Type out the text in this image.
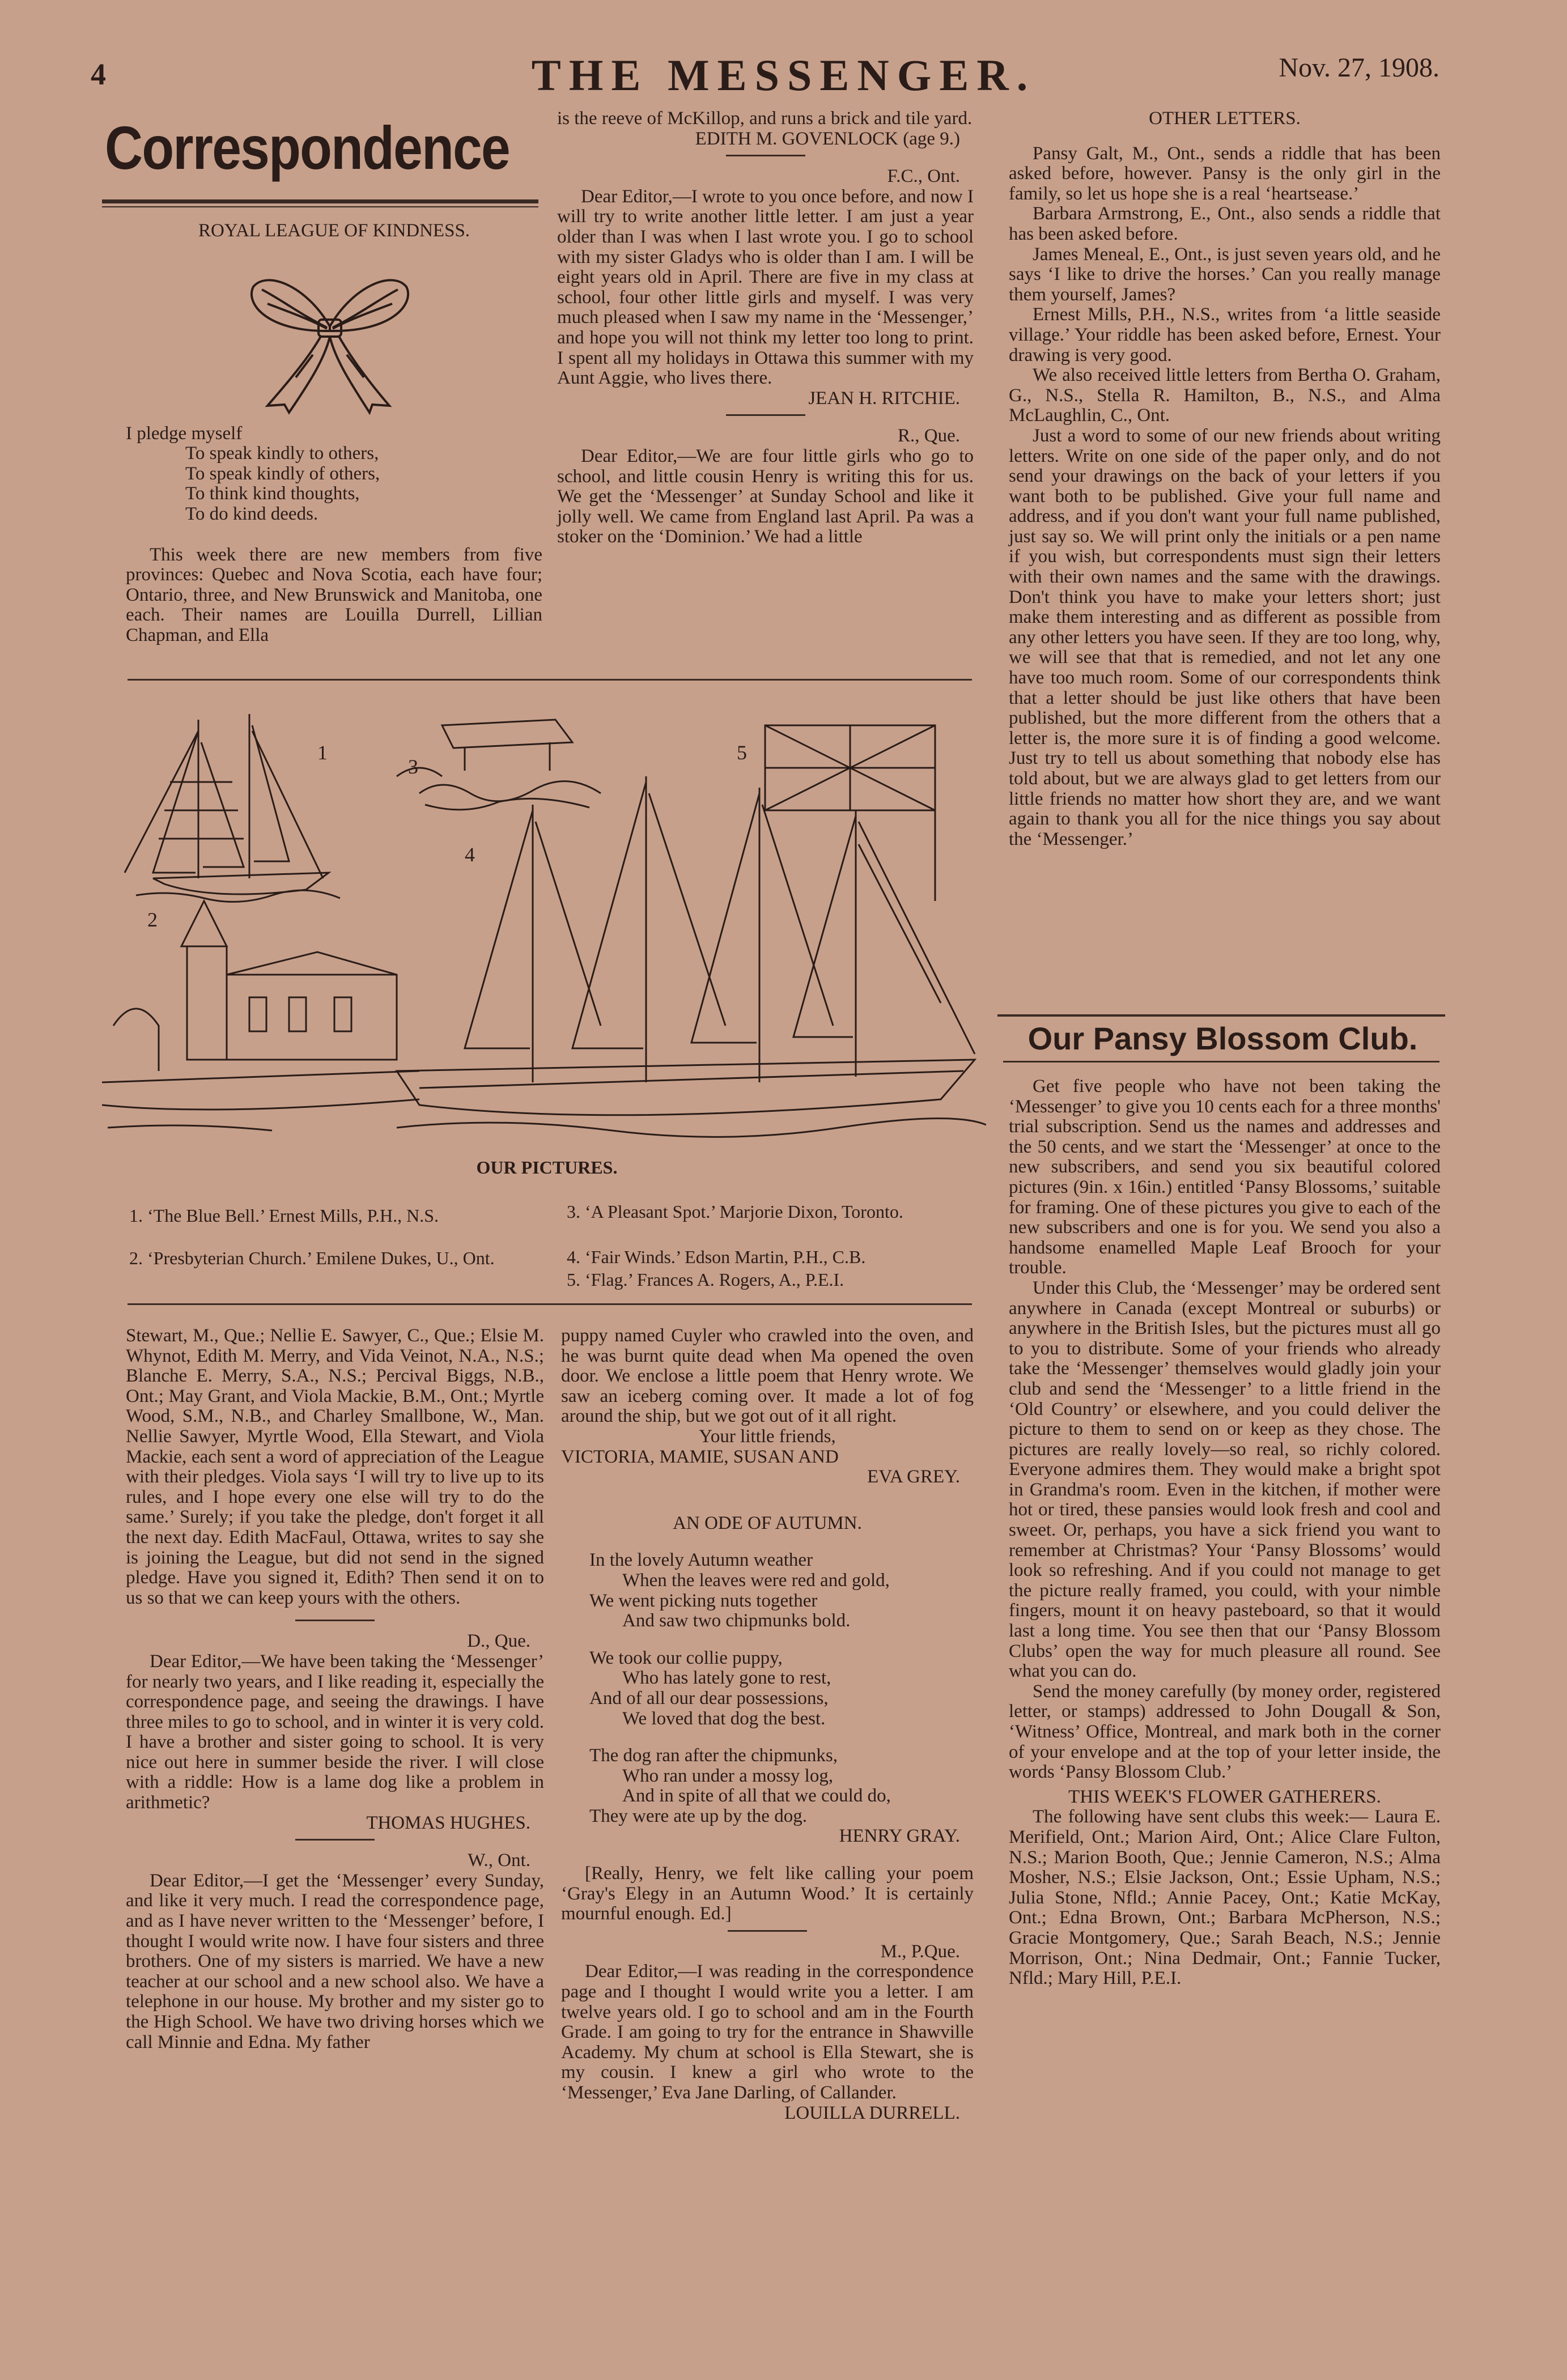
4	THE MESSENGER.	Nov. 27, 1908.
Correspondence

ROYAL LEAGUE OF KINDNESS.

I pledge myself

To speak kindly to others,

To speak kindly of others,

To think kind thoughts,

To do kind deeds.

This week there are new members from five provinces: Quebec and Nova Scotia, each have four; Ontario, three, and New Brunswick and Manitoba, one each. Their names are Louilla Durrell, Lillian Chapman, and Ella

is the reeve of McKillop, and runs a brick and tile yard.

EDITH M. GOVENLOCK (age 9.)

F.C., Ont.

Dear Editor,—I wrote to you once before, and now I will try to write another little letter. I am just a year older than I was when I last wrote you. I go to school with my sister Gladys who is older than I am. I will be eight years old in April. There are five in my class at school, four other little girls and myself. I was very much pleased when I saw my name in the ‘Messenger,’ and hope you will not think my letter too long to print. I spent all my holidays in Ottawa this summer with my Aunt Aggie, who lives there.

JEAN H. RITCHIE.

R., Que.

Dear Editor,—We are four little girls who go to school, and little cousin Henry is writing this for us. We get the ‘Messenger’ at Sunday School and like it jolly well. We came from England last April. Pa was a stoker on the ‘Dominion.’ We had a little

OTHER LETTERS.

Pansy Galt, M., Ont., sends a riddle that has been asked before, however. Pansy is the only girl in the family, so let us hope she is a real ‘heartsease.’

Barbara Armstrong, E., Ont., also sends a riddle that has been asked before.

James Meneal, E., Ont., is just seven years old, and he says ‘I like to drive the horses.’ Can you really manage them yourself, James?

Ernest Mills, P.H., N.S., writes from ‘a little seaside village.’ Your riddle has been asked before, Ernest. Your drawing is very good.

We also received little letters from Bertha O. Graham, G., N.S., Stella R. Hamilton, B., N.S., and Alma McLaughlin, C., Ont.

Just a word to some of our new friends about writing letters. Write on one side of the paper only, and do not send your drawings on the back of your letters if you want both to be published. Give your full name and address, and if you don't want your full name published, just say so. We will print only the initials or a pen name if you wish, but correspondents must sign their letters with their own names and the same with the drawings. Don't think you have to make your letters short; just make them interesting and as different as possible from any other letters you have seen. If they are too long, why, we will see that that is remedied, and not let any one have too much room. Some of our correspondents think that a letter should be just like others that have been published, but the more different from the others that a letter is, the more sure it is of finding a good welcome. Just try to tell us about something that nobody else has told about, but we are always glad to get letters from our little friends no matter how short they are, and we want again to thank you all for the nice things you say about the ‘Messenger.’

Our Pansy Blossom Club.
3
5
4
2
1
OUR PICTURES.
1. ‘The Blue Bell.’ Ernest Mills, P.H., N.S.
2. ‘Presbyterian Church.’ Emilene Dukes, U., Ont.
3. ‘A Pleasant Spot.’ Marjorie Dixon, Toronto.
4. ‘Fair Winds.’ Edson Martin, P.H., C.B.
5. ‘Flag.’ Frances A. Rogers, A., P.E.I.

Get five people who have not been taking the ‘Messenger’ to give you 10 cents each for a three months' trial subscription. Send us the names and addresses and the 50 cents, and we start the ‘Messenger’ at once to the new subscribers, and send you six beautiful colored pictures (9in. x 16in.) entitled ‘Pansy Blossoms,’ suitable for framing. One of these pictures you give to each of the new subscribers and one is for you. We send you also a handsome enamelled Maple Leaf Brooch for your trouble.

Under this Club, the ‘Messenger’ may be ordered sent anywhere in Canada (except Montreal or suburbs) or anywhere in the British Isles, but the pictures must all go to you to distribute. Some of your friends who already take the ‘Messenger’ themselves would gladly join your club and send the ‘Messenger’ to a little friend in the ‘Old Country’ or elsewhere, and you could deliver the picture to them to send on or keep as they chose. The pictures are really lovely—so real, so richly colored. Everyone admires them. They would make a bright spot in Grandma's room. Even in the kitchen, if mother were hot or tired, these pansies would look fresh and cool and sweet. Or, perhaps, you have a sick friend you want to remember at Christmas? Your ‘Pansy Blossoms’ would look so refreshing. And if you could not manage to get the picture really framed, you could, with your nimble fingers, mount it on heavy pasteboard, so that it would last a long time. You see then that our ‘Pansy Blossom Clubs’ open the way for much pleasure all round. See what you can do.

Send the money carefully (by money order, registered letter, or stamps) addressed to John Dougall & Son, ‘Witness’ Office, Montreal, and mark both in the corner of your envelope and at the top of your letter inside, the words ‘Pansy Blossom Club.’

THIS WEEK'S FLOWER GATHERERS.

The following have sent clubs this week:— Laura E. Merifield, Ont.; Marion Aird, Ont.; Alice Clare Fulton, N.S.; Marion Booth, Que.; Jennie Cameron, N.S.; Alma Mosher, N.S.; Elsie Jackson, Ont.; Essie Upham, N.S.; Julia Stone, Nfld.; Annie Pacey, Ont.; Katie McKay, Ont.; Edna Brown, Ont.; Barbara McPherson, N.S.; Gracie Montgomery, Que.; Sarah Beach, N.S.; Jennie Morrison, Ont.; Nina Dedmair, Ont.; Fannie Tucker, Nfld.; Mary Hill, P.E.I.

Stewart, M., Que.; Nellie E. Sawyer, C., Que.; Elsie M. Whynot, Edith M. Merry, and Vida Veinot, N.A., N.S.; Blanche E. Merry, S.A., N.S.; Percival Biggs, N.B., Ont.; May Grant, and Viola Mackie, B.M., Ont.; Myrtle Wood, S.M., N.B., and Charley Smallbone, W., Man. Nellie Sawyer, Myrtle Wood, Ella Stewart, and Viola Mackie, each sent a word of appreciation of the League with their pledges. Viola says ‘I will try to live up to its rules, and I hope every one else will try to do the same.’ Surely; if you take the pledge, don't forget it all the next day. Edith MacFaul, Ottawa, writes to say she is joining the League, but did not send in the signed pledge. Have you signed it, Edith? Then send it on to us so that we can keep yours with the others.

D., Que.

Dear Editor,—We have been taking the ‘Messenger’ for nearly two years, and I like reading it, especially the correspondence page, and seeing the drawings. I have three miles to go to school, and in winter it is very cold. I have a brother and sister going to school. It is very nice out here in summer beside the river. I will close with a riddle: How is a lame dog like a problem in arithmetic?

THOMAS HUGHES.

W., Ont.

Dear Editor,—I get the ‘Messenger’ every Sunday, and like it very much. I read the correspondence page, and as I have never written to the ‘Messenger’ before, I thought I would write now. I have four sisters and three brothers. One of my sisters is married. We have a new teacher at our school and a new school also. We have a telephone in our house. My brother and my sister go to the High School. We have two driving horses which we call Minnie and Edna. My father

puppy named Cuyler who crawled into the oven, and he was burnt quite dead when Ma opened the oven door. We enclose a little poem that Henry wrote. We saw an iceberg coming over. It made a lot of fog around the ship, but we got out of it all right.

Your little friends,

VICTORIA, MAMIE, SUSAN AND

EVA GREY.

AN ODE OF AUTUMN.

In the lovely Autumn weather

When the leaves were red and gold,

We went picking nuts together

And saw two chipmunks bold.

We took our collie puppy,

Who has lately gone to rest,

And of all our dear possessions,

We loved that dog the best.

The dog ran after the chipmunks,

Who ran under a mossy log,

And in spite of all that we could do,

They were ate up by the dog.

HENRY GRAY.

[Really, Henry, we felt like calling your poem ‘Gray's Elegy in an Autumn Wood.’ It is certainly mournful enough. Ed.]

M., P.Que.

Dear Editor,—I was reading in the correspondence page and I thought I would write you a letter. I am twelve years old. I go to school and am in the Fourth Grade. I am going to try for the entrance in Shawville Academy. My chum at school is Ella Stewart, she is my cousin. I knew a girl who wrote to the ‘Messenger,’ Eva Jane Darling, of Callander.

LOUILLA DURRELL.
